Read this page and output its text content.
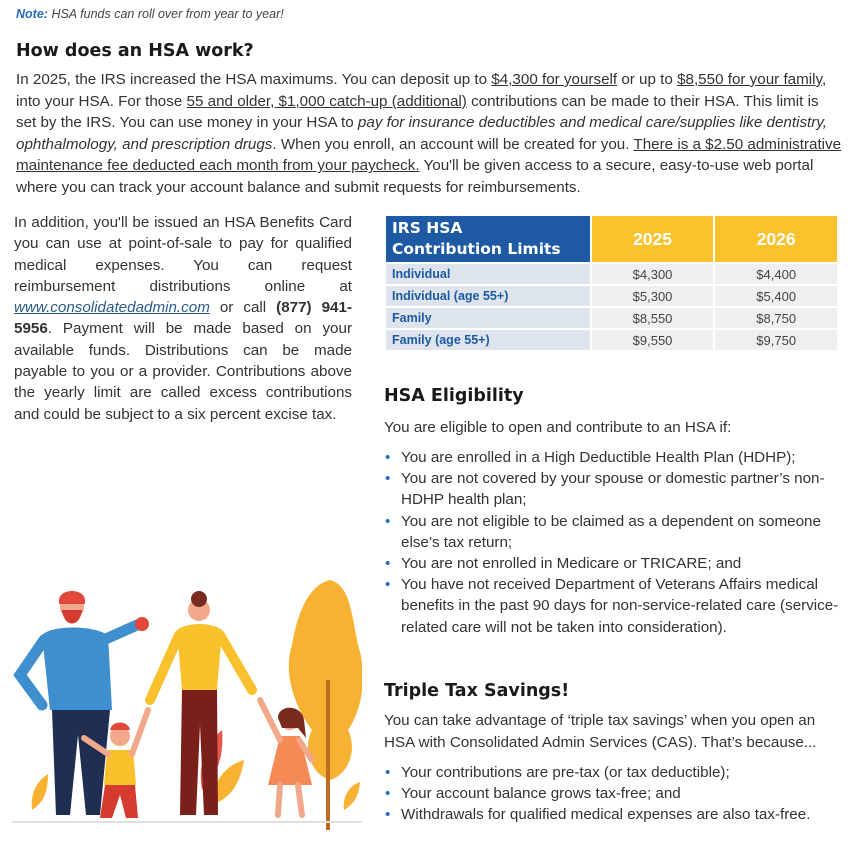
Note: HSA funds can roll over from year to year!
How does an HSA work?
In 2025, the IRS increased the HSA maximums. You can deposit up to $4,300 for yourself or up to $8,550 for your family, into your HSA. For those 55 and older, $1,000 catch-up (additional) contributions can be made to their HSA. This limit is set by the IRS. You can use money in your HSA to pay for insurance deductibles and medical care/supplies like dentistry, ophthalmology, and prescription drugs. When you enroll, an account will be created for you. There is a $2.50 administrative maintenance fee deducted each month from your paycheck. You'll be given access to a secure, easy-to-use web portal where you can track your account balance and submit requests for reimbursements.
In addition, you'll be issued an HSA Benefits Card you can use at point-of-sale to pay for qualified medical expenses. You can request reimbursement distributions online at www.consolidatedadmin.com or call (877) 941-5956. Payment will be made based on your available funds. Distributions can be made payable to you or a provider. Contributions above the yearly limit are called excess contributions and could be subject to a six percent excise tax.
IRS HSA
Contribution Limits	2025	2026
Individual	$4,300	$4,400
Individual (age 55+)	$5,300	$5,400
Family	$8,550	$8,750
Family (age 55+)	$9,550	$9,750
HSA Eligibility
You are eligible to open and contribute to an HSA if:
• You are enrolled in a High Deductible Health Plan (HDHP);
• You are not covered by your spouse or domestic partner’s non-HDHP health plan;
• You are not eligible to be claimed as a dependent on someone else’s tax return;
• You are not enrolled in Medicare or TRICARE; and
• You have not received Department of Veterans Affairs medical benefits in the past 90 days for non-service-related care (service-related care will not be taken into consideration).
Triple Tax Savings!
You can take advantage of ‘triple tax savings’ when you open an HSA with Consolidated Admin Services (CAS). That’s because...
• Your contributions are pre-tax (or tax deductible);
• Your account balance grows tax-free; and
• Withdrawals for qualified medical expenses are also tax-free.
